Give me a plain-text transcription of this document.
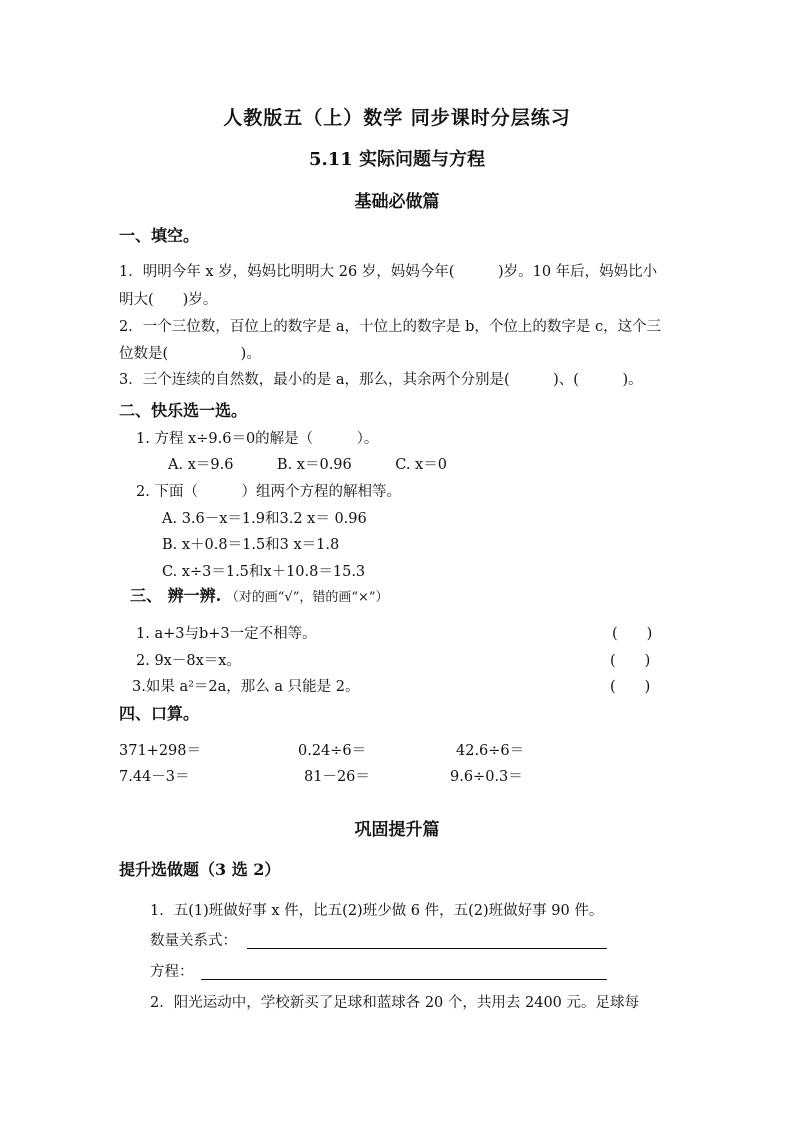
人教版五（上）数学 同步课时分层练习
5.11 实际问题与方程
基础必做篇
一、填空。
1．明明今年 x 岁，妈妈比明明大 26 岁，妈妈今年(　　　)岁。10 年后，妈妈比小
明大(　　)岁。
2．一个三位数，百位上的数字是 a，十位上的数字是 b，个位上的数字是 c，这个三
位数是(　　　　　)。
3．三个连续的自然数，最小的是 a，那么，其余两个分别是(　　　)、(　　　)。
二、快乐选一选。
1. 方程 x÷9.6＝0的解是（　　　）。
A. x＝9.6　　　B. x＝0.96　　　C. x＝0
2. 下面（　　　）组两个方程的解相等。
A. 3.6－x＝1.9和3.2 x＝ 0.96
B. x＋0.8＝1.5和3 x＝1.8
C. x÷3＝1.5和x＋10.8＝15.3
三、 辨一辨. （对的画“√”，错的画“×”）
1. a+3与b+3一定不相等。	(　　)
2. 9x－8x＝x。	(　　)
3.如果 a²＝2a，那么 a 只能是 2。	(　　)
四、口算。
371+298＝	0.24÷6＝	42.6÷6＝
7.44－3＝	81－26＝	9.6÷0.3＝
巩固提升篇
提升选做题（3 选 2）
1．五(1)班做好事 x 件，比五(2)班少做 6 件，五(2)班做好事 90 件。
数量关系式：
方程：
2．阳光运动中，学校新买了足球和蓝球各 20 个，共用去 2400 元。足球每
